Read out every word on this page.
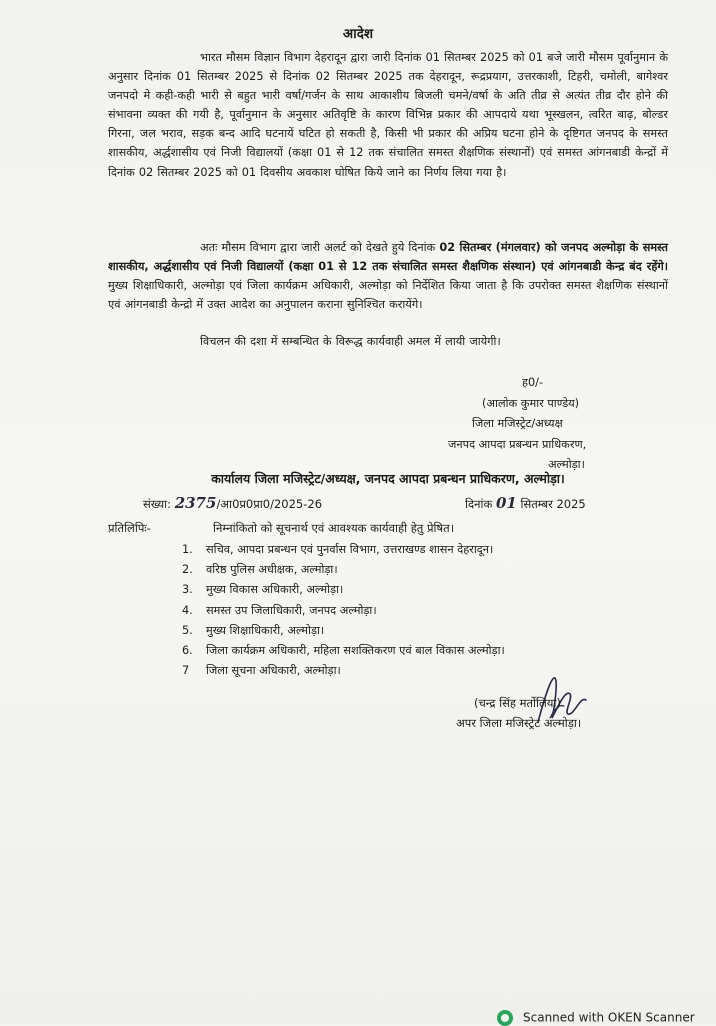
आदेश
भारत मौसम विज्ञान विभाग देहरादून द्वारा जारी दिनांक 01 सितम्बर 2025 को 01 बजे जारी मौसम पूर्वानुमान के अनुसार दिनांक 01 सितम्बर 2025 से दिनांक 02 सितम्बर 2025 तक देहरादून, रूद्रप्रयाग, उत्तरकाशी, टिहरी, चमोली, बागेश्वर जनपदो मे कही-कही भारी से बहुत भारी वर्षा/गर्जन के साथ आकाशीय बिजली चमने/वर्षा के अति तीव्र से अत्यंत तीव्र दौर होने की संभावना व्यक्त की गयी है, पूर्वानुमान के अनुसार अतिवृष्टि के कारण विभिन्न प्रकार की आपदाये यथा भूस्खलन, त्वरित बाढ़, बोल्डर गिरना, जल भराव, सड़क बन्द आदि घटनायें घटित हो सकती है, किसी भी प्रकार की अप्रिय घटना होने के दृष्टिगत जनपद के समस्त शासकीय, अर्द्धशासीय एवं निजी विद्यालयों (कक्षा 01 से 12 तक संचालित समस्त शैक्षणिक संस्थानों) एवं समस्त आंगनबाडी केन्द्रों में दिनांक 02 सितम्बर 2025 को 01 दिवसीय अवकाश घोषित किये जाने का निर्णय लिया गया है।
अतः मौसम विभाग द्वारा जारी अलर्ट को देखते हुये दिनांक 02 सितम्बर (मंगलवार) को जनपद अल्मोड़ा के समस्त शासकीय, अर्द्धशासीय एवं निजी विद्यालयों (कक्षा 01 से 12 तक संचालित समस्त शैक्षणिक संस्थान) एवं आंगनबाडी केन्द्र बंद रहेंगे। मुख्य शिक्षाधिकारी, अल्मोड़ा एवं जिला कार्यक्रम अधिकारी, अल्मोड़ा को निर्देशित किया जाता है कि उपरोक्त समस्त शैक्षणिक संस्थानों एवं आंगनबाडी केन्द्रो में उक्त आदेश का अनुपालन कराना सुनिश्चित करायेंगे।
विचलन की दशा में सम्बन्धित के विरूद्ध कार्यवाही अमल में लायी जायेगी।
ह0/-
(आलोक कुमार पाण्डेय)
जिला मजिस्ट्रेट/अध्यक्ष
जनपद आपदा प्रबन्धन प्राधिकरण,
अल्मोड़ा।
कार्यालय जिला मजिस्ट्रेट/अध्यक्ष, जनपद आपदा प्रबन्धन प्राधिकरण, अल्मोड़ा।
संख्या: 2375/आ0प्र0प्रा0/2025-26	दिनांक 01 सितम्बर 2025
प्रतिलिपिः-	निम्नांकितो को सूचनार्थ एवं आवश्यक कार्यवाही हेतु प्रेषित।
1. सचिव, आपदा प्रबन्धन एवं पुनर्वास विभाग, उत्तराखण्ड शासन देहरादून।
2. वरिष्ठ पुलिस अधीक्षक, अल्मोड़ा।
3. मुख्य विकास अधिकारी, अल्मोड़ा।
4. समस्त उप जिलाधिकारी, जनपद अल्मोड़ा।
5. मुख्य शिक्षाधिकारी, अल्मोड़ा।
6. जिला कार्यक्रम अधिकारी, महिला सशक्तिकरण एवं बाल विकास अल्मोड़ा।
7 जिला सूचना अधिकारी, अल्मोड़ा।
(चन्द्र सिंह मर्तोलिया)
अपर जिला मजिस्ट्रेट अल्मोड़ा।
Scanned with OKEN Scanner
